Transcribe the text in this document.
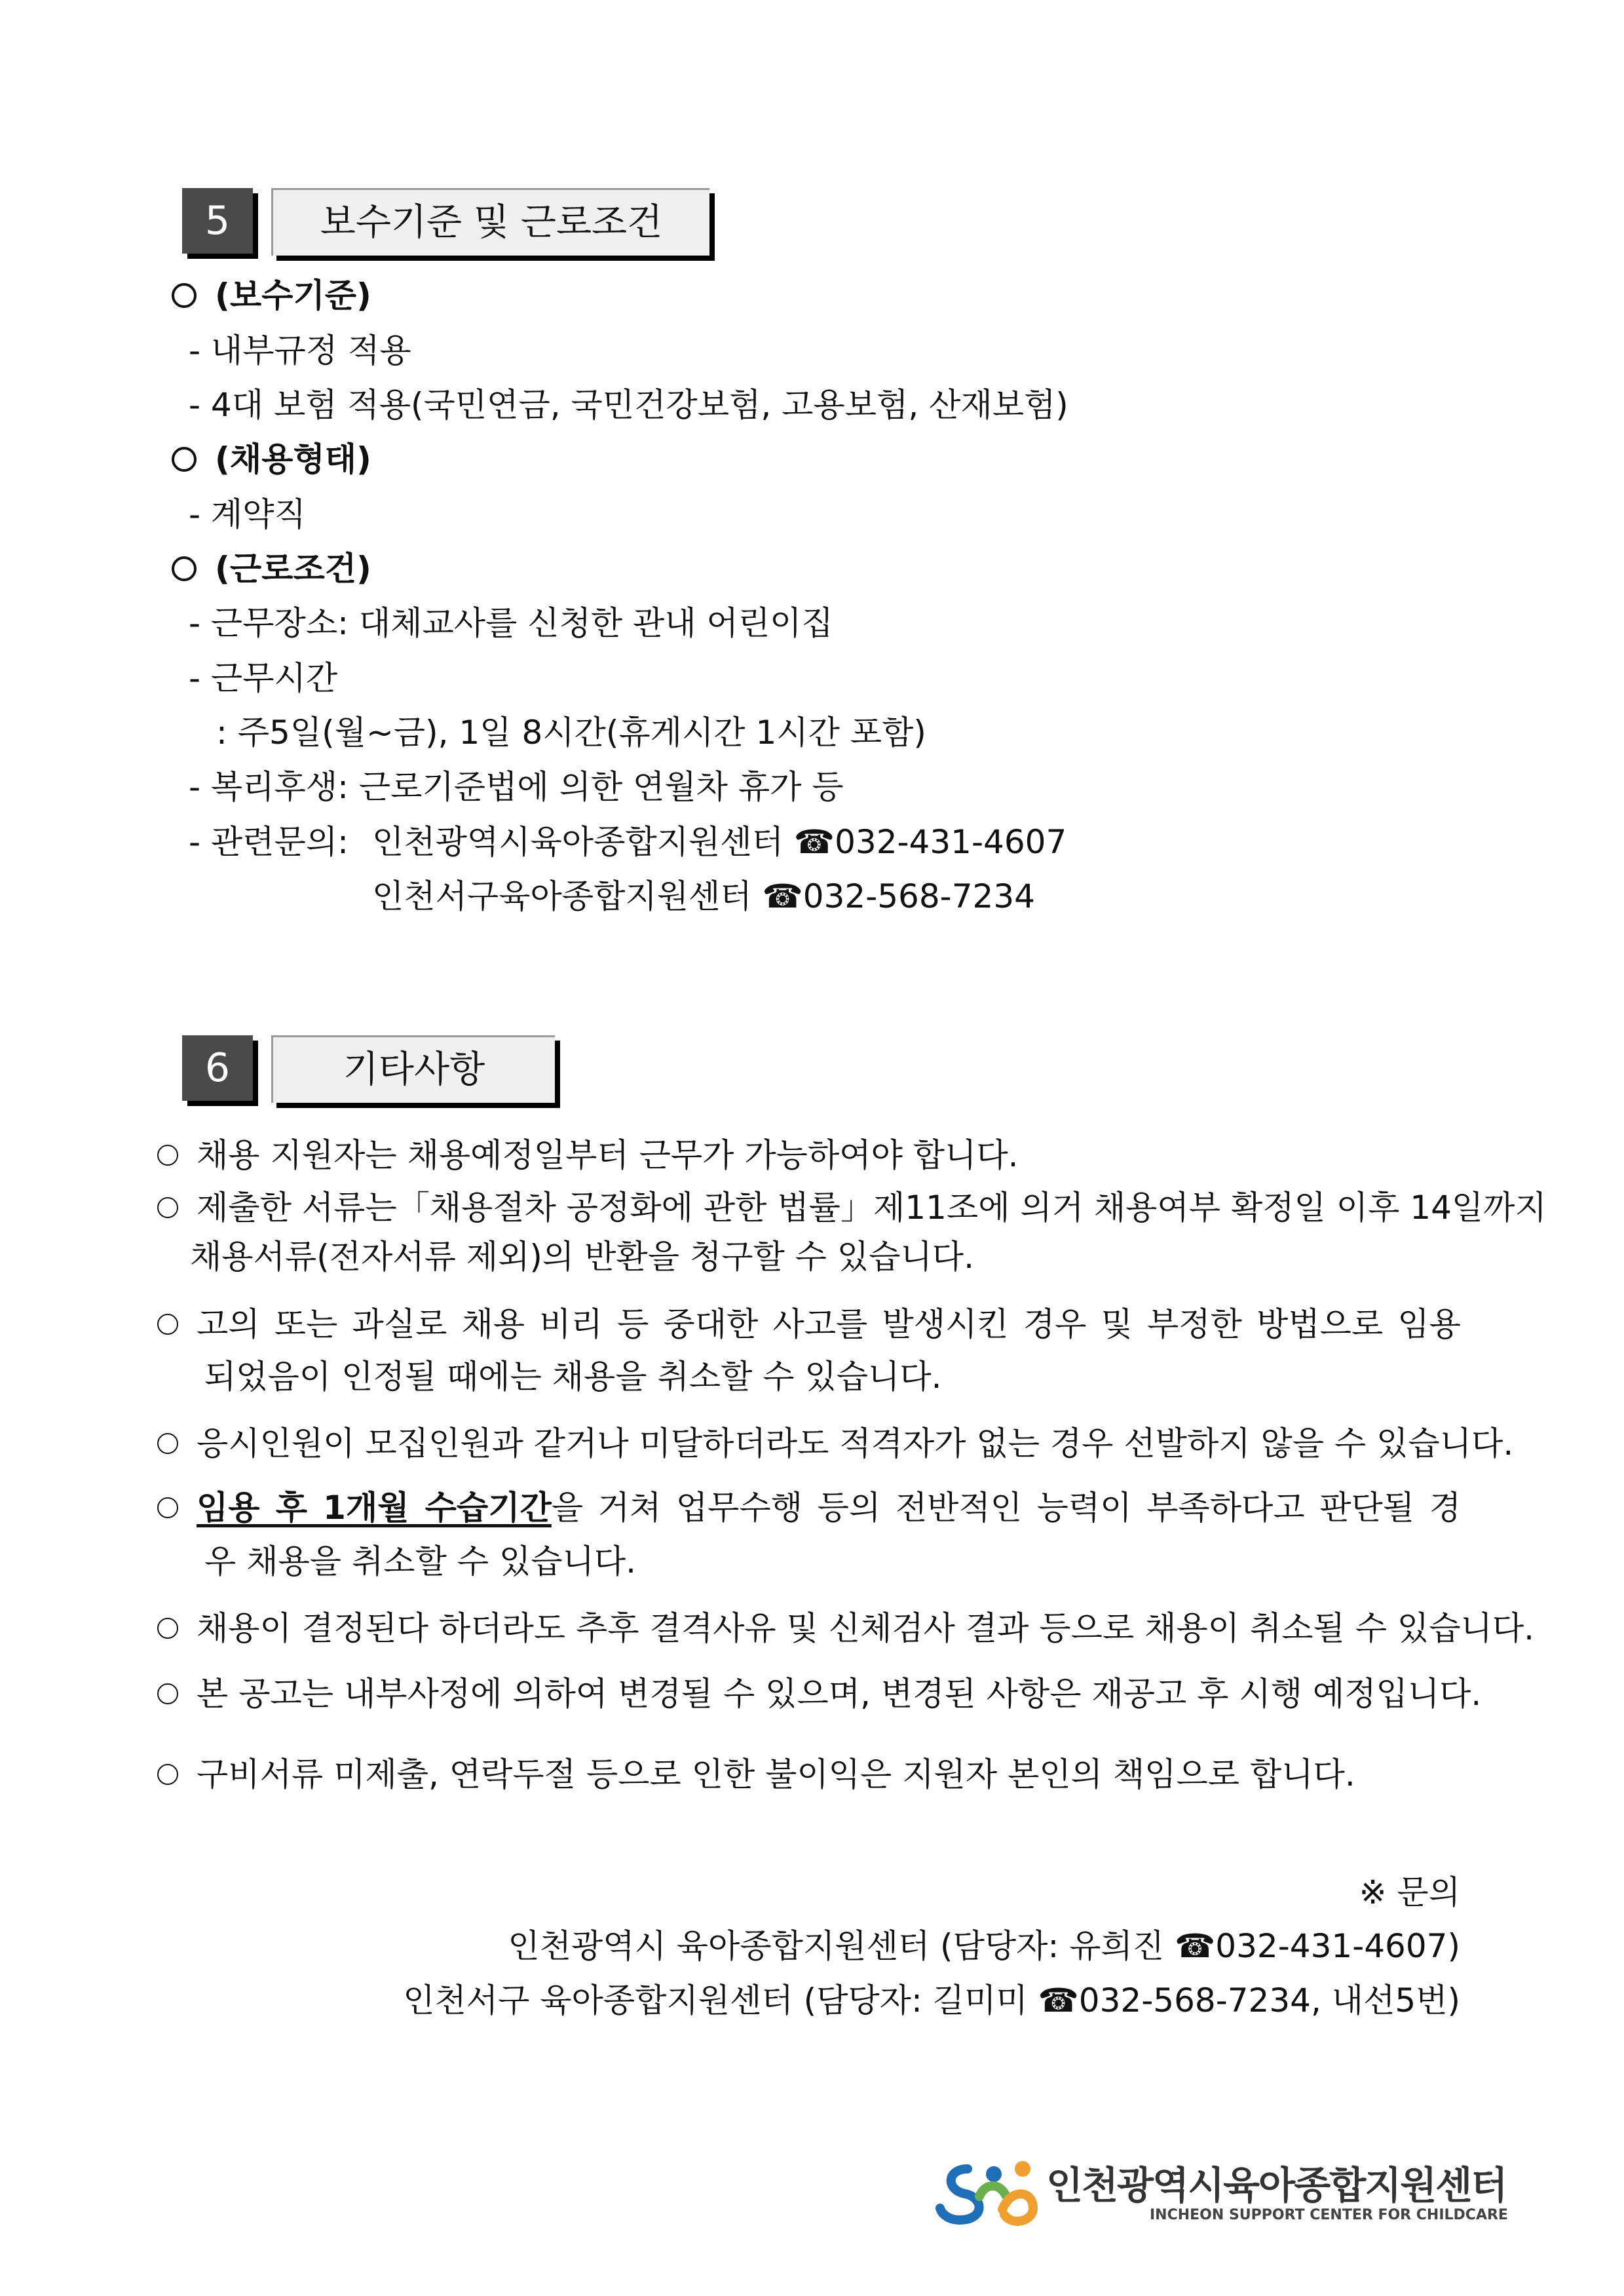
5	보수기준 및 근로조건
(보수기준)
- 내부규정 적용
- 4대 보험 적용(국민연금, 국민건강보험, 고용보험, 산재보험)
(채용형태)
- 계약직
(근로조건)
- 근무장소: 대체교사를 신청한 관내 어린이집
- 근무시간
: 주5일(월~금), 1일 8시간(휴게시간 1시간 포함)
- 복리후생: 근로기준법에 의한 연월차 휴가 등
- 관련문의: 인천광역시육아종합지원센터 ☎032-431-4607
인천서구육아종합지원센터 ☎032-568-7234
6	기타사항
채용 지원자는 채용예정일부터 근무가 가능하여야 합니다.
제출한 서류는「채용절차 공정화에 관한 법률」제11조에 의거 채용여부 확정일 이후 14일까지
채용서류(전자서류 제외)의 반환을 청구할 수 있습니다.
고의 또는 과실로 채용 비리 등 중대한 사고를 발생시킨 경우 및 부정한 방법으로 임용
되었음이 인정될 때에는 채용을 취소할 수 있습니다.
응시인원이 모집인원과 같거나 미달하더라도 적격자가 없는 경우 선발하지 않을 수 있습니다.
임용 후 1개월 수습기간을 거쳐 업무수행 등의 전반적인 능력이 부족하다고 판단될 경
우 채용을 취소할 수 있습니다.
채용이 결정된다 하더라도 추후 결격사유 및 신체검사 결과 등으로 채용이 취소될 수 있습니다.
본 공고는 내부사정에 의하여 변경될 수 있으며, 변경된 사항은 재공고 후 시행 예정입니다.
구비서류 미제출, 연락두절 등으로 인한 불이익은 지원자 본인의 책임으로 합니다.
※ 문의
인천광역시 육아종합지원센터 (담당자: 유희진 ☎032-431-4607)
인천서구 육아종합지원센터 (담당자: 길미미 ☎032-568-7234, 내선5번)
인천광역시육아종합지원센터
INCHEON SUPPORT CENTER FOR CHILDCARE
